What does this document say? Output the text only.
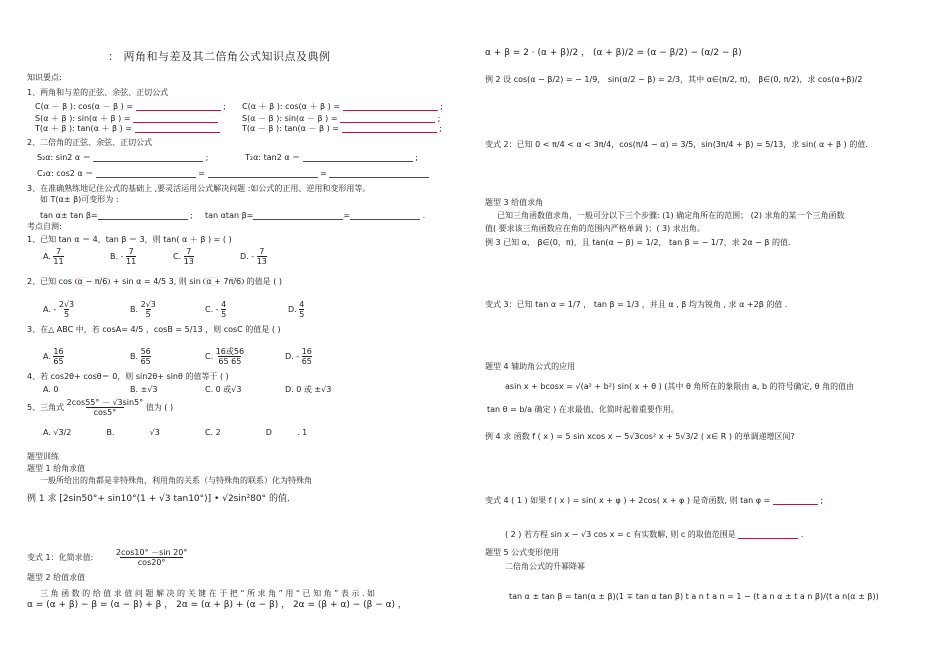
： 两角和与差及其二倍角公式知识点及典例
知识要点:
1、两角和与差的正弦、余弦、正切公式
C(α － β ): cos(α － β ) =	; C(α ＋ β ): cos(α ＋ β ) =	;
S(α ＋ β ): sin(α ＋ β ) =	S(α － β ): sin(α － β ) =	;
T(α ＋ β ): tan(α ＋ β ) =	T(α － β ): tan(α － β ) =	;
2、二倍角的正弦、余弦、正切公式
S₂α: sin2 α ＝	;	T₂α: tan2 α ＝	;
C₂α: cos2 α ＝	=	=
3、在准确熟练地记住公式的基础上 ,要灵活运用公式解决问题 :如公式的正用、逆用和变形用等。
如 T(α± β)可变形为 :
tan α± tan β=	; tan αtan β=	=	.
考点自测:
1、已知 tan α ＝ 4，tan β ＝ 3，则 tan( α ＋ β ) = ( )
A. $\frac{7}{11}$	B. - $\frac{7}{11}$	C. $\frac{7}{13}$	D. - $\frac{7}{13}$
2、已知 cos α − π/6 + sin α = 4/5 3, 则 sin α + 7π/6 的值是 ( )
A. - $\frac{2√3}{5}$	B. $\frac{2√3}{5}$	C. - $\frac{4}{5}$	D. $\frac{4}{5}$
3、在△ ABC 中，若 cosA= 4/5 ，cosB = 5/13 ，则 cosC 的值是 ( )
A. $\frac{16}{65}$	B. $\frac{56}{65}$	C. 16或56
65 65
D. - $\frac{16}{65}$
4、若 cos2θ+ cosθ＝ 0，则 sin2θ+ sinθ 的值等于 ( )
A. 0	B. ±√3	C. 0 或√3	D. 0 或 ±√3
5、三角式 $\frac{2\cos 55^\circ - √3\sin 5^\circ}{\cos 5^\circ}$ 值为 ( )
A. √3/2	B.	√3	C. 2	D	. 1
题型训练
题型 1 给角求值
一般所给出的角都是非特殊角，利用角的关系（与特殊角的联系）化为特殊角
例 1 求 [2sin50°+ sin10°(1 + √3 tan10°)] • √2sin²80° 的值．
变式 1：化简求值:	$\frac{2\cos 10^\circ -\sin 20^\circ}{\cos 20^\circ}$
题型 2 给值求值
三 角 函 数 的 给 值 求 值 问 题 解 决 的 关 键 在 于 把 “ 所 求 角 ” 用 “ 已 知 角 ” 表 示 . 如
α = (α + β) − β = (α − β) + β ， 2α = (α + β) + (α − β) ， 2α = (β + α) − (β − α) ，
α + β = 2 · (α + β)/2 ， (α + β)/2 = (α − β/2) − (α/2 − β)
例 2 设 cos(α − β/2) = − 1/9， sin(α/2 − β) = 2/3，其中 α∈(π/2, π)， β∈(0, π/2)，求 cos(α+β)/2
变式 2：已知 0 < π/4 < α < 3π/4，cos(π/4 − α) = 3/5，sin(3π/4 + β) = 5/13，求 sin( α + β ) 的值．
题型 3 给值求角
已知三角函数值求角，一般可分以下三个步骤: (1) 确定角所在的范围； (2) 求角的某一个三角函数
值( 要求该三角函数应在角的范围内严格单调 )；( 3) 求出角。
例 3 已知 α， β∈(0，π)，且 tan(α − β) = 1/2， tan β = − 1/7，求 2α − β 的值.
变式 3：已知 tan α = 1/7 ， tan β = 1/3 ，并且 α , β 均为锐角 , 求 α +2β 的值 .
题型 4 辅助角公式的应用
asin x + bcosx = √(a² + b²) sin( x + θ ) (其中 θ 角所在的象限由 a, b 的符号确定, θ 角的值由
tan θ = b/a 确定 ) 在求最值、化简时起着重要作用。
例 4 求 函数 f ( x ) = 5 sin xcos x − 5√3cos² x + 5√3/2 ( x∈ R ) 的单调递增区间?
变式 4 ( 1 ) 如果 f ( x ) = sin( x + φ ) + 2cos( x + φ ) 是奇函数, 则 tan φ =	;
( 2 ) 若方程 sin x − √3 cos x = c 有实数解, 则 c 的取值范围是	.
题型 5 公式变形使用
二倍角公式的升幂降幂
tan α ± tan β = tan(α ± β)(1 ∓ tan α tan β) t a n t a n = 1 − (t a n α ± t a n β)/(t a n(α ± β))
